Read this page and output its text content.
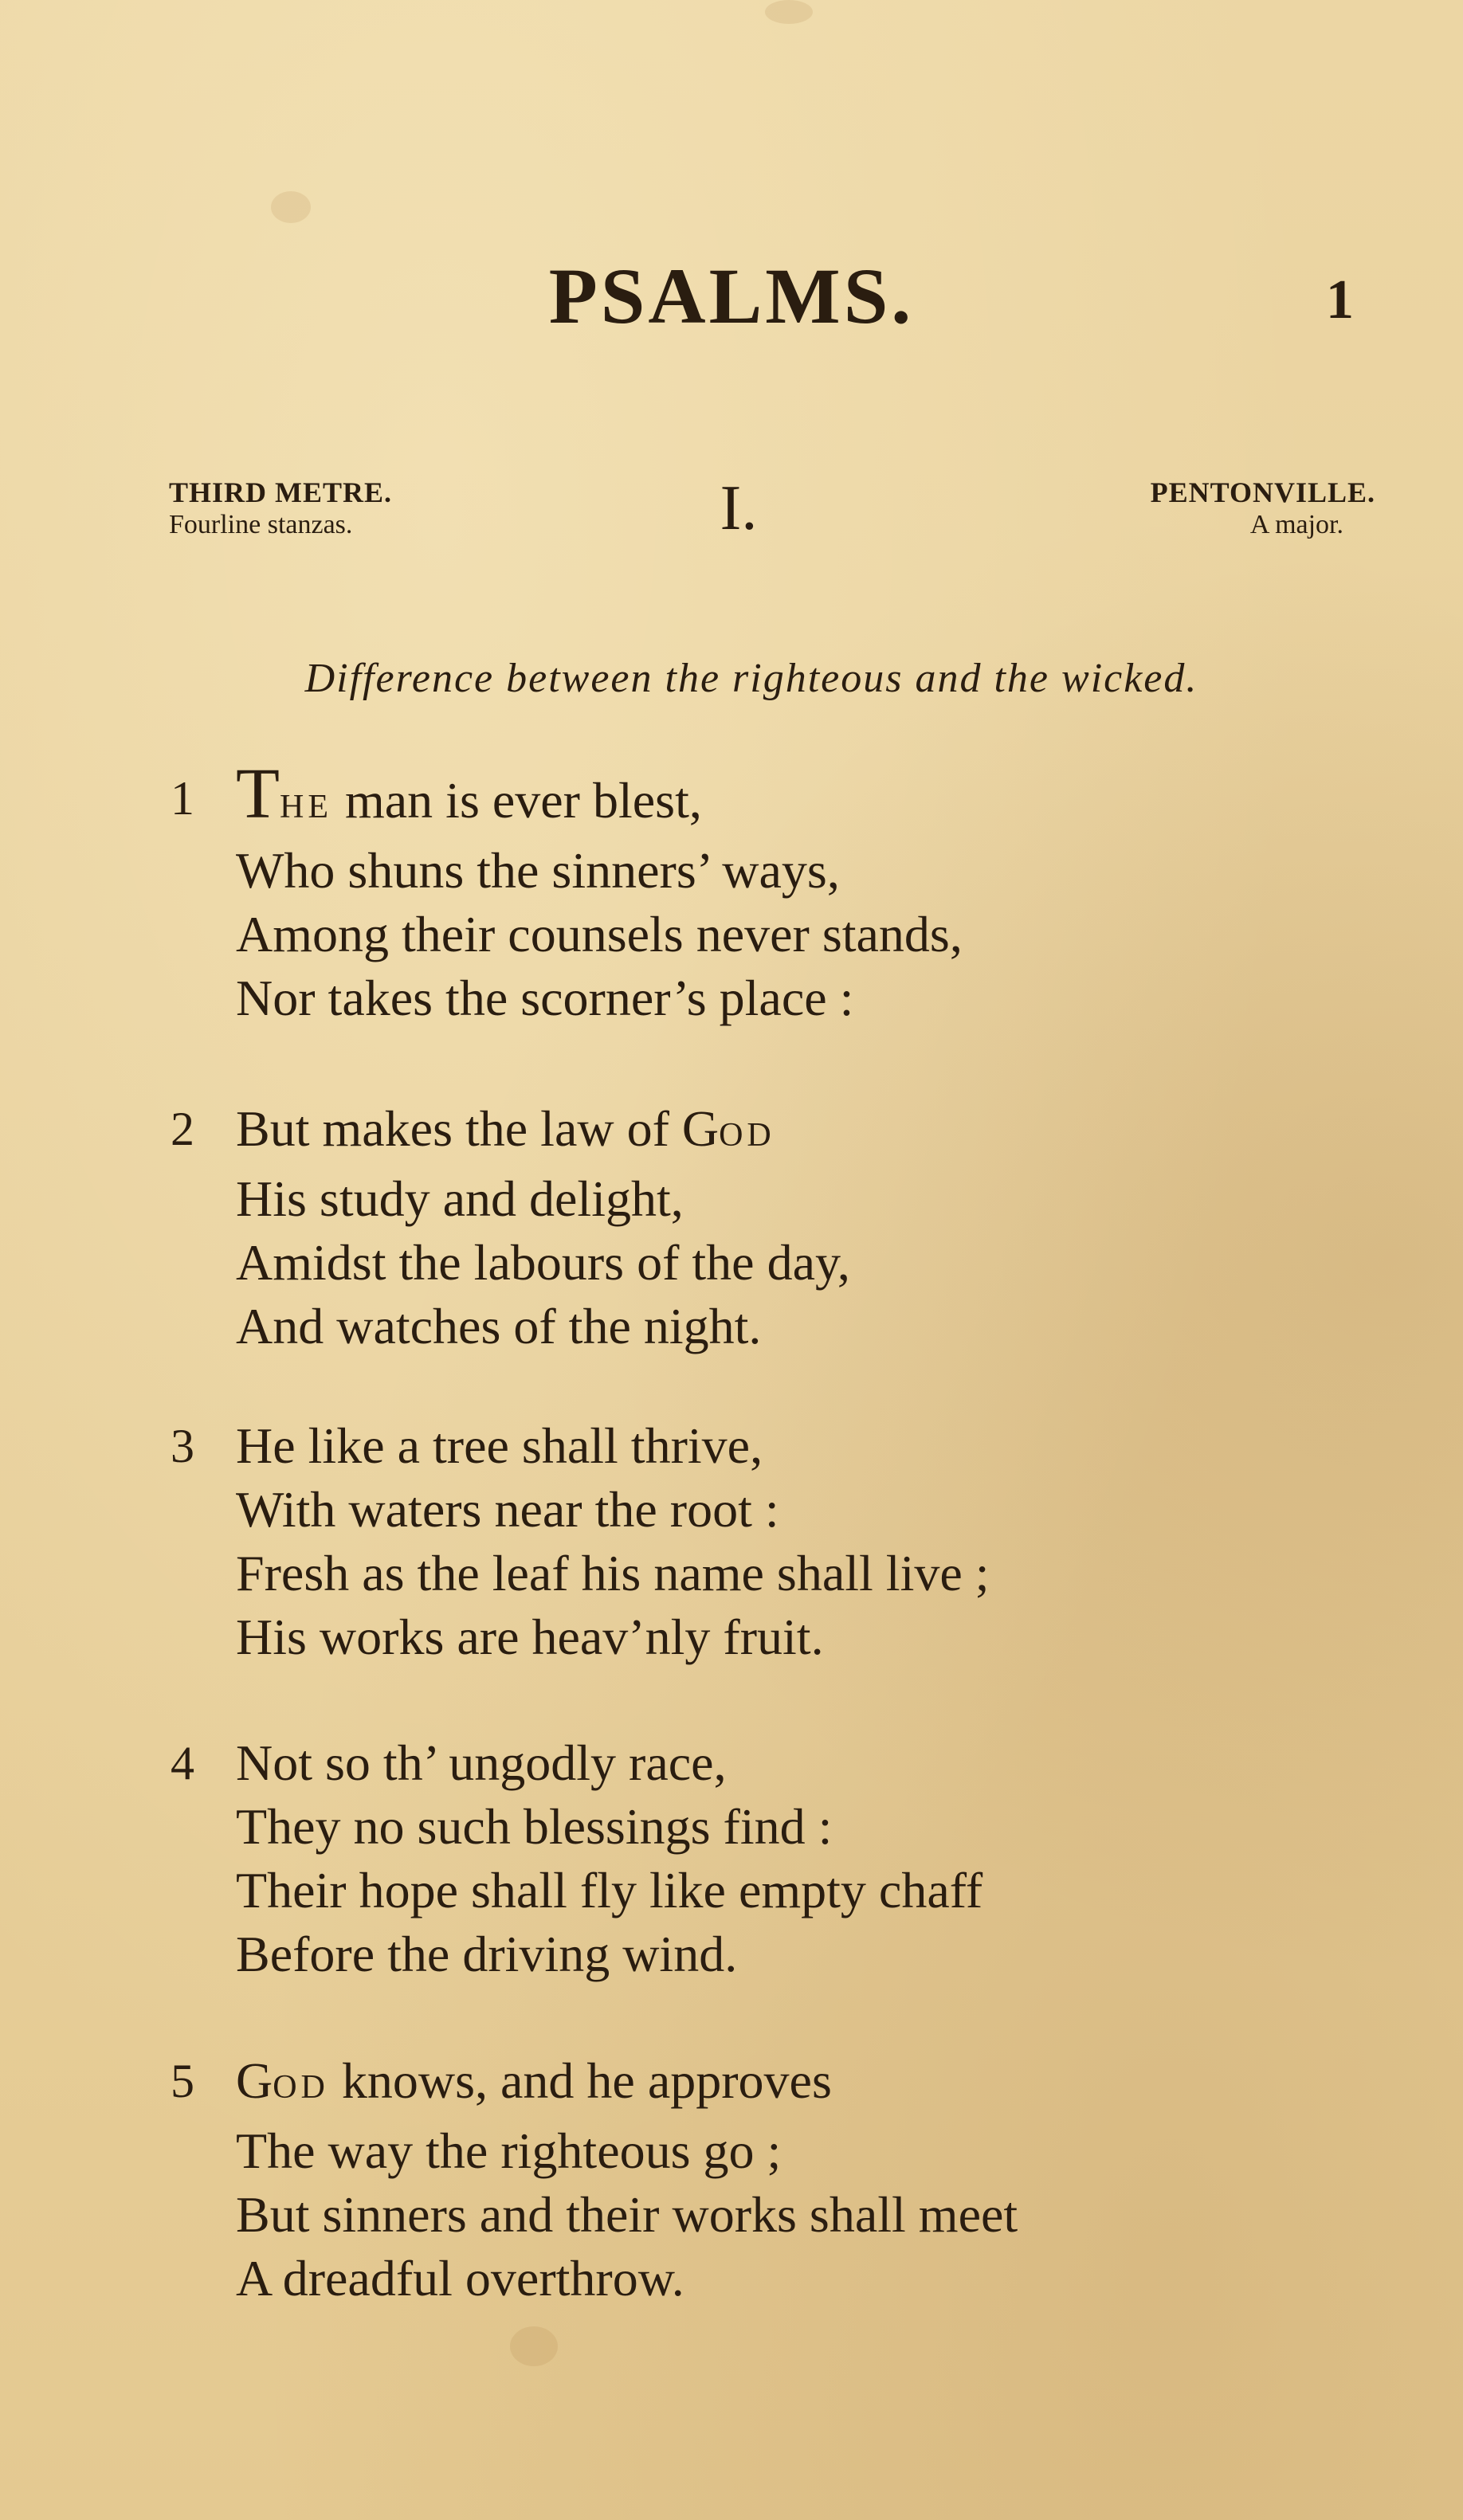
PSALMS.	1
THIRD METRE.
Fourline stanzas.	I.	PENTONVILLE.
A major.
Difference between the righteous and the wicked.
1 THE man is ever blest,
Who shuns the sinners’ ways,
Among their counsels never stands,
Nor takes the scorner’s place :
2 But makes the law of GOD
His study and delight,
Amidst the labours of the day,
And watches of the night.
3 He like a tree shall thrive,
With waters near the root :
Fresh as the leaf his name shall live ;
His works are heav’nly fruit.
4 Not so th’ ungodly race,
They no such blessings find :
Their hope shall fly like empty chaff
Before the driving wind.
5 GOD knows, and he approves
The way the righteous go ;
But sinners and their works shall meet
A dreadful overthrow.
